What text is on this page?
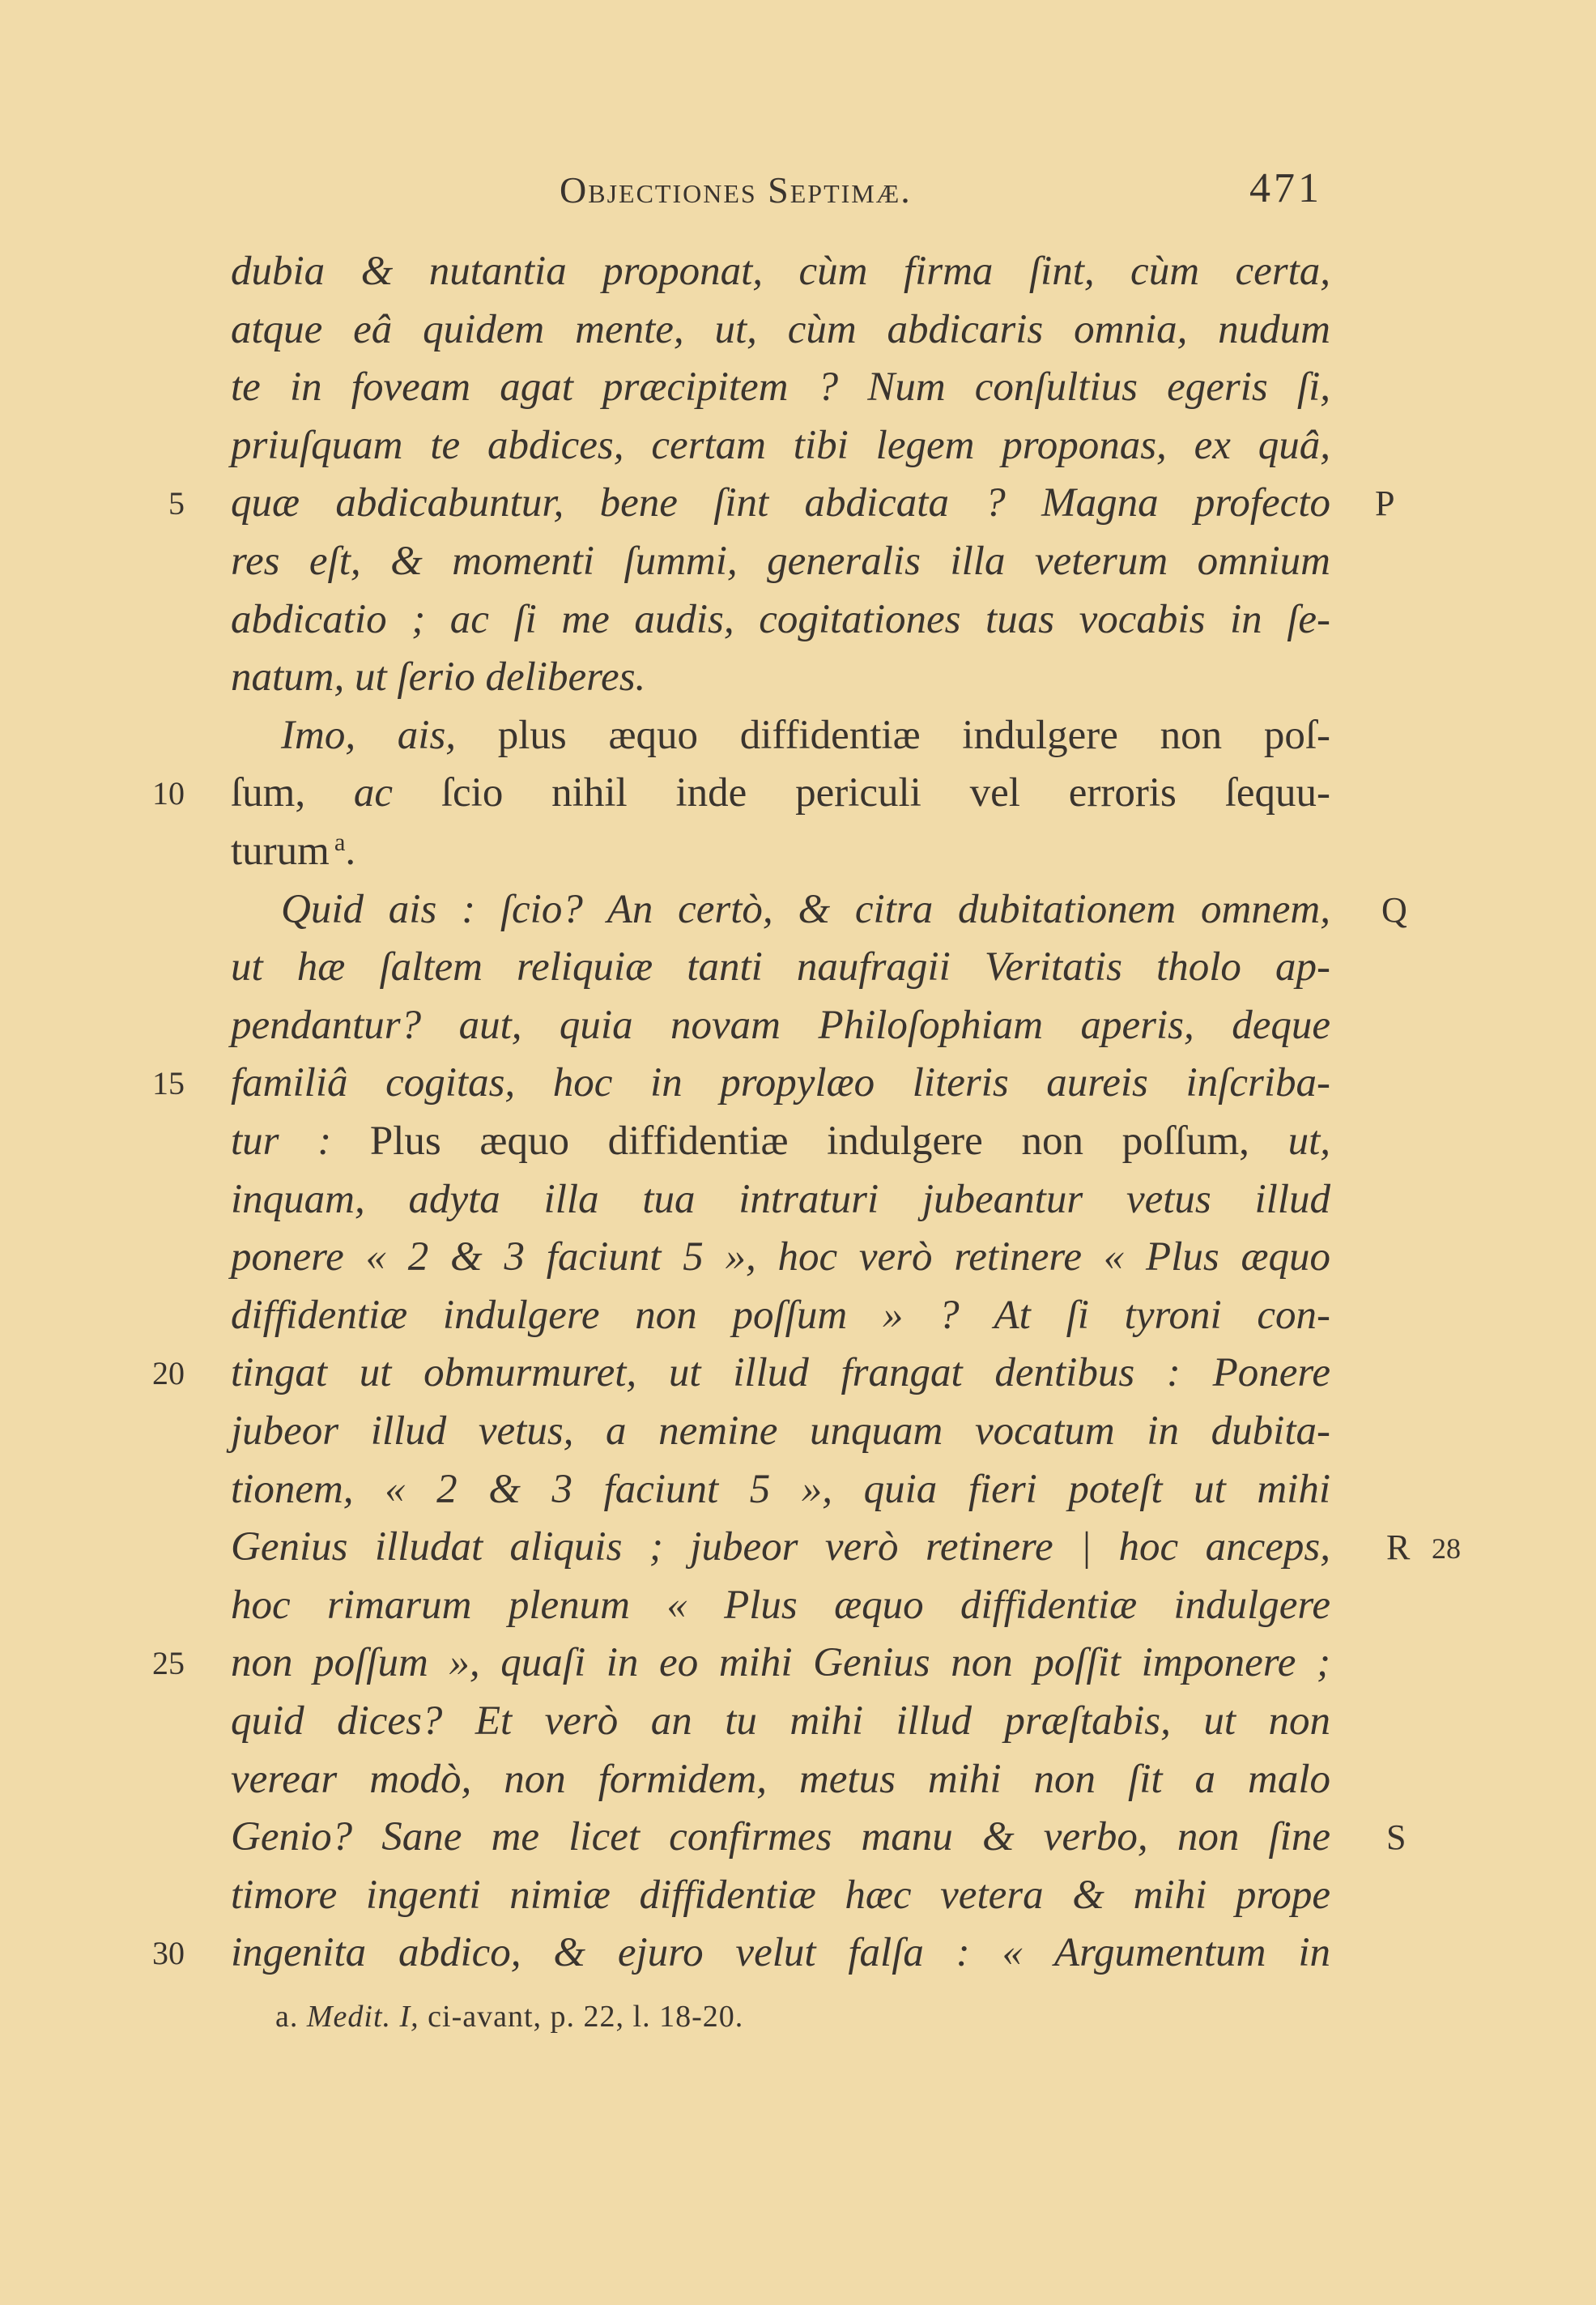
Objectiones Septimæ.	471
dubia & nutantia proponat, cùm firma ſint, cùm certa,
atque eâ quidem mente, ut, cùm abdicaris omnia, nudum
te in foveam agat præcipitem ? Num conſultius egeris ſi,
priuſquam te abdices, certam tibi legem proponas, ex quâ,
quæ abdicabuntur, bene ſint abdicata ? Magna profecto
res eſt, & momenti ſummi, generalis illa veterum omnium
abdicatio ; ac ſi me audis, cogitationes tuas vocabis in ſe-
natum, ut ſerio deliberes.
Imo, ais, plus æquo diffidentiæ indulgere non poſ-
ſum, ac ſcio nihil inde periculi vel erroris ſequu-
turum $^a$.
Quid ais : ſcio? An certò, & citra dubitationem omnem,
ut hæ ſaltem reliquiæ tanti naufragii Veritatis tholo ap-
pendantur? aut, quia novam Philoſophiam aperis, deque
familiâ cogitas, hoc in propylæo literis aureis inſcriba-
tur : Plus æquo diffidentiæ indulgere non poſſum, ut,
inquam, adyta illa tua intraturi jubeantur vetus illud
ponere « 2 & 3 faciunt 5 », hoc verò retinere « Plus æquo
diffidentiæ indulgere non poſſum » ? At ſi tyroni con-
tingat ut obmurmuret, ut illud frangat dentibus : Ponere
jubeor illud vetus, a nemine unquam vocatum in dubita-
tionem, « 2 & 3 faciunt 5 », quia fieri poteſt ut mihi
Genius illudat aliquis ; jubeor verò retinere | hoc anceps,
hoc rimarum plenum « Plus æquo diffidentiæ indulgere
non poſſum », quaſi in eo mihi Genius non poſſit imponere ;
quid dices? Et verò an tu mihi illud præſtabis, ut non
verear modò, non formidem, metus mihi non ſit a malo
Genio? Sane me licet confirmes manu & verbo, non ſine
timore ingenti nimiæ diffidentiæ hæc vetera & mihi prope
ingenita abdico, & ejuro velut falſa : « Argumentum in
5
10
15
20
25
30
P
Q
R 28
S
a. Medit. I, ci-avant, p. 22, l. 18-20.
